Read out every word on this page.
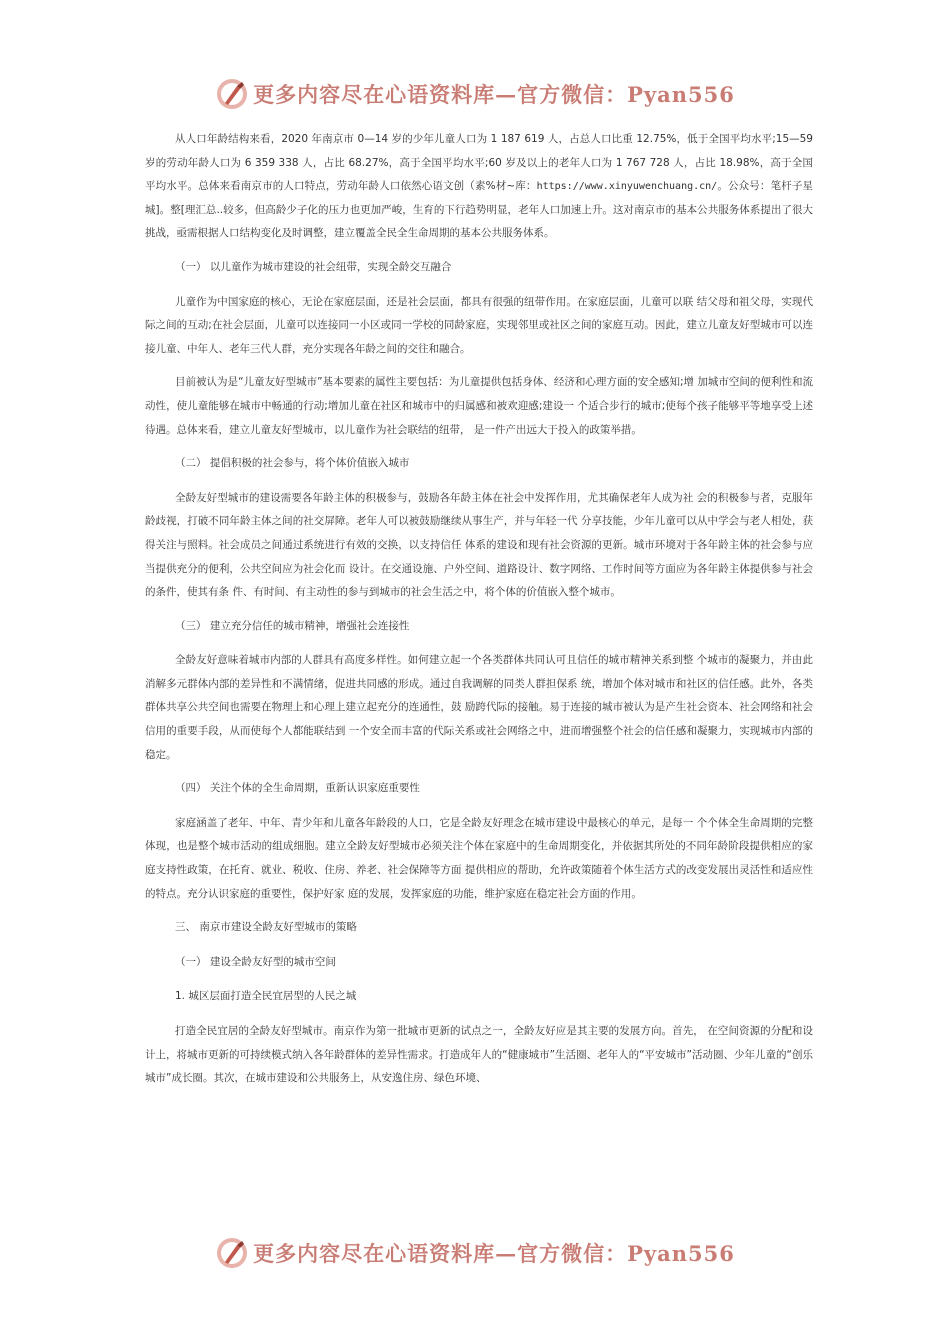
更多内容尽在心语资料库—官方微信：Pyan556

从人口年龄结构来看，2020 年南京市 0—14 岁的少年儿童人口为 1 187 619 人，占总人口比重 12.75%，低于全国平均水平;15—59 岁的劳动年龄人口为 6 359 338 人，占比 68.27%，高于全国平均水平;60 岁及以上的老年人口为 1 767 728 人，占比 18.98%，高于全国平均水平。总体来看南京市的人口特点，劳动年龄人口依然心语文创（素%材~库：https://www.xinyuwenchuang.cn/。公众号：笔杆子星城]。整[理汇总..较多，但高龄少子化的压力也更加严峻，生育的下行趋势明显，老年人口加速上升。这对南京市的基本公共服务体系提出了很大挑战，亟需根据人口结构变化及时调整，建立覆盖全民全生命周期的基本公共服务体系。

（一） 以儿童作为城市建设的社会纽带，实现全龄交互融合

儿童作为中国家庭的核心，无论在家庭层面，还是社会层面，都具有很强的纽带作用。在家庭层面，儿童可以联 结父母和祖父母，实现代际之间的互动;在社会层面，儿童可以连接同一小区或同一学校的同龄家庭，实现邻里或社区之间的家庭互动。因此，建立儿童友好型城市可以连接儿童、中年人、老年三代人群，充分实现各年龄之间的交往和融合。

目前被认为是“儿童友好型城市”基本要素的属性主要包括：为儿童提供包括身体、经济和心理方面的安全感知;增 加城市空间的便利性和流动性，使儿童能够在城市中畅通的行动;增加儿童在社区和城市中的归属感和被欢迎感;建设一 个适合步行的城市;使每个孩子能够平等地享受上述待遇。总体来看，建立儿童友好型城市，以儿童作为社会联结的纽带， 是一件产出远大于投入的政策举措。

（二） 提倡积极的社会参与，将个体价值嵌入城市

全龄友好型城市的建设需要各年龄主体的积极参与，鼓励各年龄主体在社会中发挥作用，尤其确保老年人成为社 会的积极参与者，克服年龄歧视，打破不同年龄主体之间的社交屏障。老年人可以被鼓励继续从事生产，并与年轻一代 分享技能，少年儿童可以从中学会与老人相处，获得关注与照料。社会成员之间通过系统进行有效的交换，以支持信任 体系的建设和现有社会资源的更新。城市环境对于各年龄主体的社会参与应当提供充分的便利，公共空间应为社会化而 设计。在交通设施、户外空间、道路设计、数字网络、工作时间等方面应为各年龄主体提供参与社会的条件，使其有条 件、有时间、有主动性的参与到城市的社会生活之中，将个体的价值嵌入整个城市。

（三） 建立充分信任的城市精神，增强社会连接性

全龄友好意味着城市内部的人群具有高度多样性。如何建立起一个各类群体共同认可且信任的城市精神关系到整 个城市的凝聚力，并由此消解多元群体内部的差异性和不满情绪，促进共同感的形成。通过自我调解的同类人群担保系 统，增加个体对城市和社区的信任感。此外，各类群体共享公共空间也需要在物理上和心理上建立起充分的连通性，鼓 励跨代际的接触。易于连接的城市被认为是产生社会资本、社会网络和社会信用的重要手段，从而使每个人都能联结到 一个安全而丰富的代际关系或社会网络之中，进而增强整个社会的信任感和凝聚力，实现城市内部的稳定。

（四） 关注个体的全生命周期，重新认识家庭重要性

家庭涵盖了老年、中年、青少年和儿童各年龄段的人口，它是全龄友好理念在城市建设中最核心的单元，是每一 个个体全生命周期的完整体现，也是整个城市活动的组成细胞。建立全龄友好型城市必须关注个体在家庭中的生命周期变化，并依据其所处的不同年龄阶段提供相应的家庭支持性政策，在托育、就业、税收、住房、养老、社会保障等方面 提供相应的帮助，允许政策随着个体生活方式的改变发展出灵活性和适应性的特点。充分认识家庭的重要性，保护好家 庭的发展，发挥家庭的功能，维护家庭在稳定社会方面的作用。

三、 南京市建设全龄友好型城市的策略
（一） 建设全龄友好型的城市空间
1. 城区层面打造全民宜居型的人民之城

打造全民宜居的全龄友好型城市。南京作为第一批城市更新的试点之一，全龄友好应是其主要的发展方向。首先， 在空间资源的分配和设计上，将城市更新的可持续模式纳入各年龄群体的差异性需求。打造成年人的“健康城市”生活圈、老年人的“平安城市”活动圈、少年儿童的“创乐城市”成长圈。其次，在城市建设和公共服务上，从安逸住房、绿色环境、

更多内容尽在心语资料库—官方微信：Pyan556
